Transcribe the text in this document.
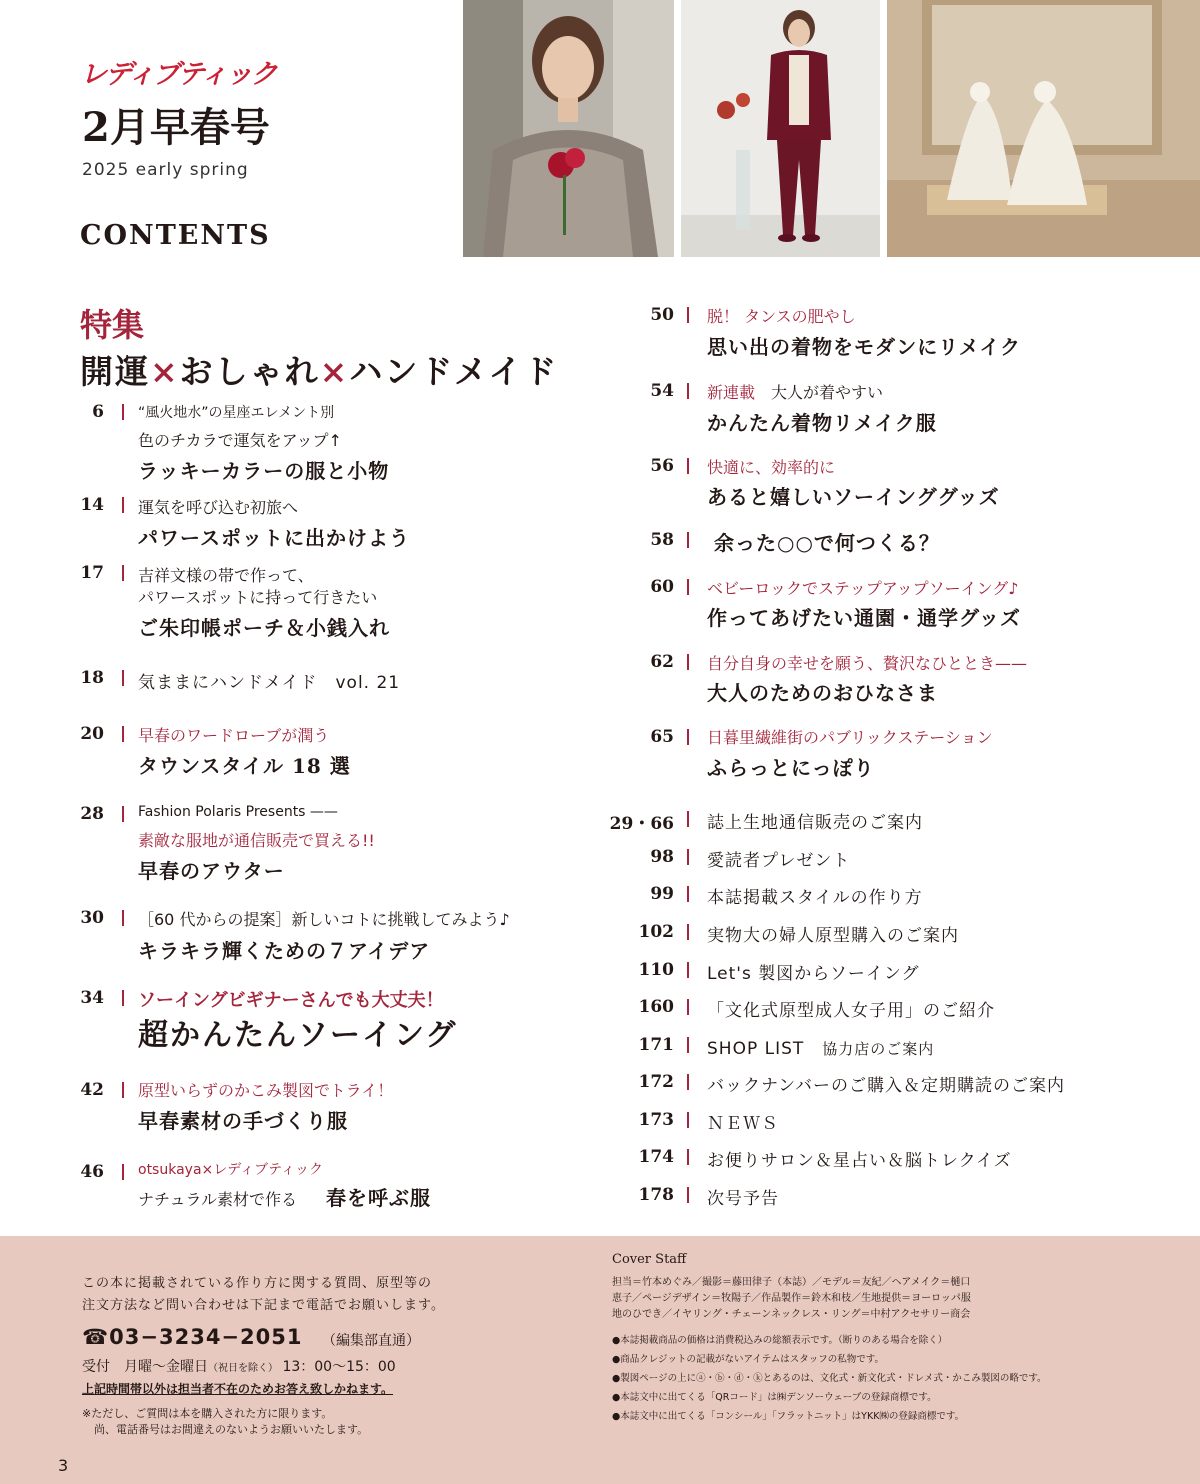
レディブティック
2月早春号
2025 early spring
CONTENTS
特集
開運×おしゃれ×ハンドメイド
6 “風火地水”の星座エレメント別
色のチカラで運気をアップ↑
ラッキーカラーの服と小物
14 運気を呼び込む初旅へ
パワースポットに出かけよう
17 吉祥文様の帯で作って、
パワースポットに持って行きたい
ご朱印帳ポーチ＆小銭入れ
18 気ままにハンドメイド　vol. 21
20 早春のワードローブが潤う
タウンスタイル 18 選
28 Fashion Polaris Presents ——
素敵な服地が通信販売で買える!!
早春のアウター
30 ［60 代からの提案］新しいコトに挑戦してみよう♪
キラキラ輝くための７アイデア
34 ソーイングビギナーさんでも大丈夫！
超かんたんソーイング
42 原型いらずのかこみ製図でトライ！
早春素材の手づくり服
46 otsukaya×レディブティック
ナチュラル素材で作る 春を呼ぶ服
50 脱！ タンスの肥やし
思い出の着物をモダンにリメイク
54 新連載　 大人が着やすい
かんたん着物リメイク服
56 快適に、効率的に
あると嬉しいソーインググッズ
58 余った○○で何つくる？
60 ベビーロックでステップアップソーイング♪
作ってあげたい通園・通学グッズ
62 自分自身の幸せを願う、贅沢なひととき——
大人のためのおひなさま
65 日暮里繊維街のパブリックステーション
ふらっとにっぽり
29・66 誌上生地通信販売のご案内
98 愛読者プレゼント
99 本誌掲載スタイルの作り方
102 実物大の婦人原型購入のご案内
110 Let's 製図からソーイング
160 「文化式原型成人女子用」のご紹介
171 SHOP LIST　 協力店のご案内
172 バックナンバーのご購入＆定期購読のご案内
173 ＮＥＷＳ
174 お便りサロン＆星占い＆脳トレクイズ
178 次号予告
この本に掲載されている作り方に関する質問、原型等の
注文方法など問い合わせは下記まで電話でお願いします。
☎03−3234−2051 （編集部直通）
受付　 月曜～金曜日（祝日を除く） 13：00～15：00
上記時間帯以外は担当者不在のためお答え致しかねます。
※ただし、ご質問は本を購入された方に限ります。
尚、電話番号はお間違えのないようお願いいたします。
Cover Staff
担当＝竹本めぐみ／撮影＝藤田律子（本誌）／モデル＝友紀／ヘアメイク＝樋口
恵子／ページデザイン＝牧陽子／作品製作＝鈴木和枝／生地提供＝ヨーロッパ服
地のひでき／イヤリング・チェーンネックレス・リング＝中村アクセサリー商会
●本誌掲載商品の価格は消費税込みの総額表示です。（断りのある場合を除く）
●商品クレジットの記載がないアイテムはスタッフの私物です。
●製図ページの上にⓐ・ⓑ・ⓓ・ⓚとあるのは、文化式・新文化式・ドレメ式・かこみ製図の略です。
●本誌文中に出てくる「QRコード」は㈱デンソーウェーブの登録商標です。
●本誌文中に出てくる「コンシール」「フラットニット」はYKK㈱の登録商標です。
3
